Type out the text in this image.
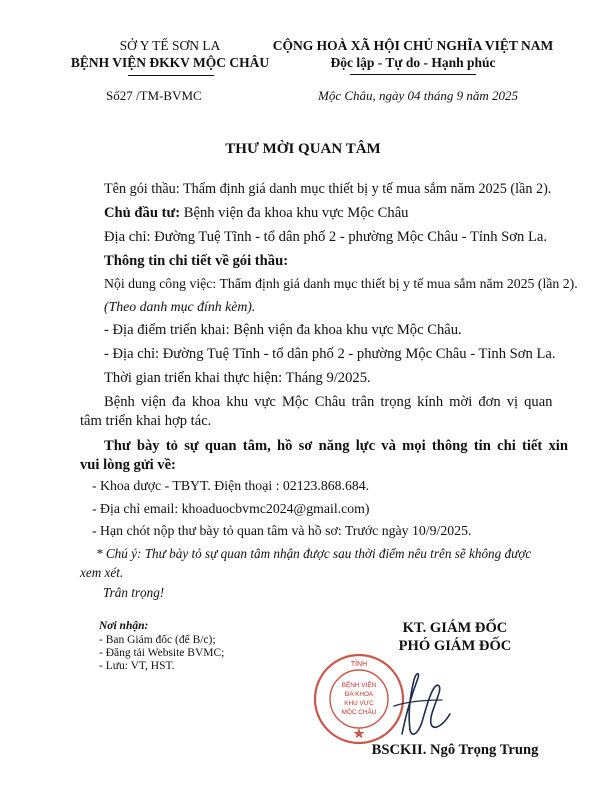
SỞ Y TẾ SƠN LA
BỆNH VIỆN ĐKKV MỘC CHÂU
CỘNG HOÀ XÃ HỘI CHỦ NGHĨA VIỆT NAM
Độc lập - Tự do - Hạnh phúc
Số27 /TM-BVMC	Mộc Châu, ngày 04 tháng 9 năm 2025
THƯ MỜI QUAN TÂM
Tên gói thầu: Thẩm định giá danh mục thiết bị y tế mua sắm năm 2025 (lần 2).
Chủ đầu tư: Bệnh viện đa khoa khu vực Mộc Châu
Địa chỉ: Đường Tuệ Tĩnh - tổ dân phố 2 - phường Mộc Châu - Tỉnh Sơn La.
Thông tin chi tiết về gói thầu:
Nội dung công việc: Thẩm định giá danh mục thiết bị y tế mua sắm năm 2025 (lần 2).
(Theo danh mục đính kèm).
- Địa điểm triển khai: Bệnh viện đa khoa khu vực Mộc Châu.
- Địa chỉ: Đường Tuệ Tĩnh - tổ dân phố 2 - phường Mộc Châu - Tỉnh Sơn La.
Thời gian triển khai thực hiện: Tháng 9/2025.
Bệnh viện đa khoa khu vực Mộc Châu trân trọng kính mời đơn vị quan
tâm triển khai hợp tác.
Thư bày tỏ sự quan tâm, hồ sơ năng lực và mọi thông tin chi tiết xin
vui lòng gửi về:
- Khoa dược - TBYT. Điện thoại : 02123.868.684.
- Địa chỉ email: khoaduocbvmc2024@gmail.com)
- Hạn chót nộp thư bày tỏ quan tâm và hồ sơ: Trước ngày 10/9/2025.
* Chú ý: Thư bày tỏ sự quan tâm nhận được sau thời điểm nêu trên sẽ không được
xem xét.
Trân trọng!
Nơi nhận:
- Ban Giám đốc (để B/c);
- Đăng tải Website BVMC;
- Lưu: VT, HST.
KT. GIÁM ĐỐC
PHÓ GIÁM ĐỐC
TỈNH
BỆNH VIỆN
ĐA KHOA
KHU VỰC
MỘC CHÂU
BSCKII. Ngô Trọng Trung
